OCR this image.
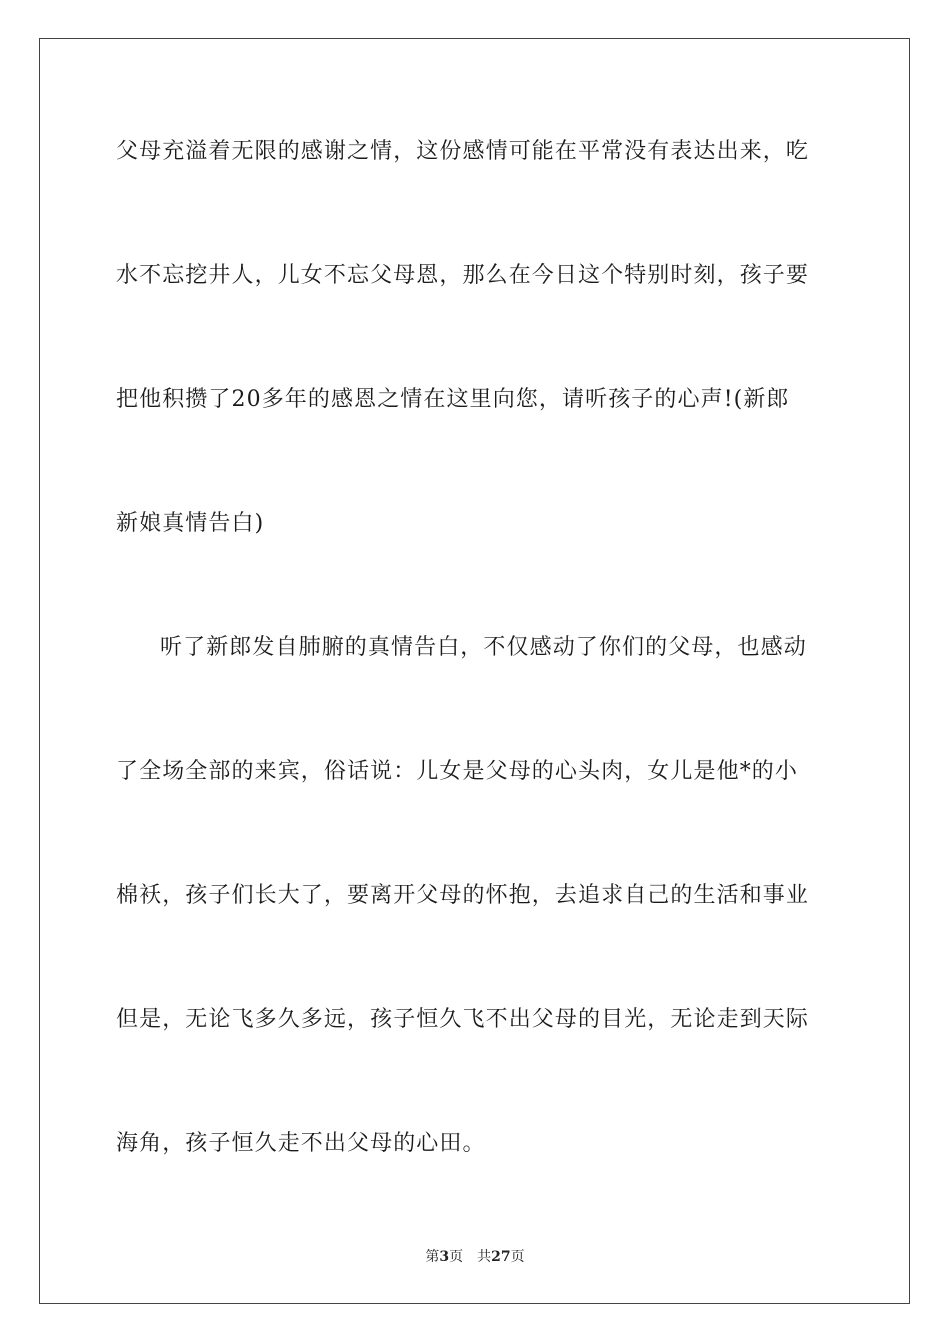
父母充溢着无限的感谢之情，这份感情可能在平常没有表达出来，吃
水不忘挖井人，儿女不忘父母恩，那么在今日这个特别时刻，孩子要
把他积攒了20多年的感恩之情在这里向您，请听孩子的心声!(新郎
新娘真情告白)
听了新郎发自肺腑的真情告白，不仅感动了你们的父母，也感动
了全场全部的来宾，俗话说：儿女是父母的心头肉，女儿是他*的小
棉袄，孩子们长大了，要离开父母的怀抱，去追求自己的生活和事业
但是，无论飞多久多远，孩子恒久飞不出父母的目光，无论走到天际
海角，孩子恒久走不出父母的心田。
第3页 共27页
